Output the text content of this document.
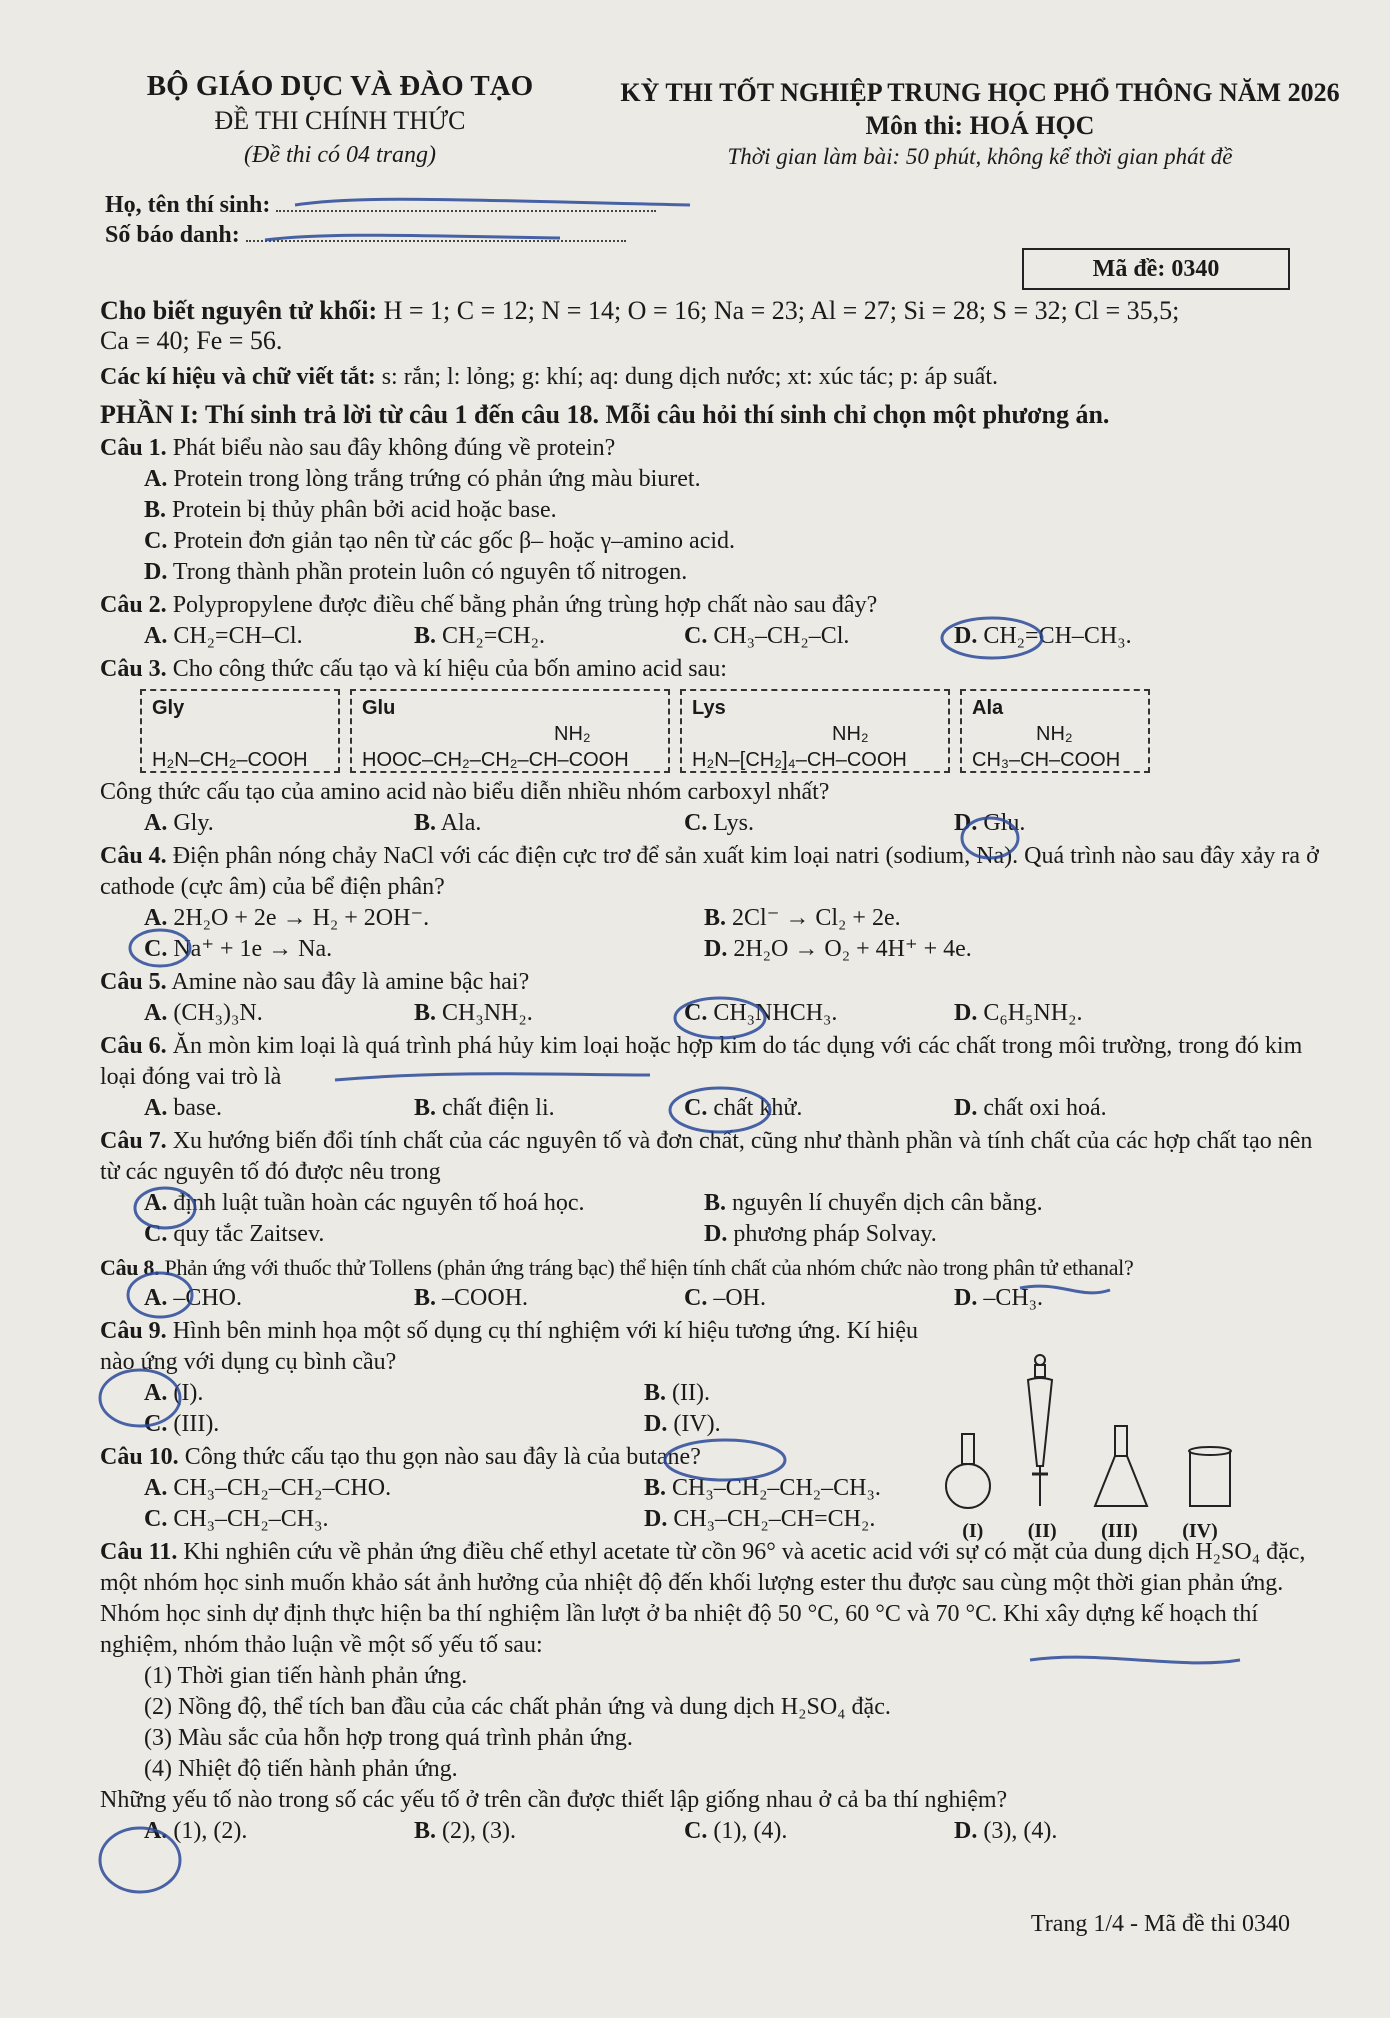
BỘ GIÁO DỤC VÀ ĐÀO TẠO
ĐỀ THI CHÍNH THỨC
(Đề thi có 04 trang)
KỲ THI TỐT NGHIỆP TRUNG HỌC PHỔ THÔNG NĂM 2026
Môn thi: HOÁ HỌC
Thời gian làm bài: 50 phút, không kể thời gian phát đề
Họ, tên thí sinh:
Số báo danh:
Mã đề: 0340
Cho biết nguyên tử khối: H = 1; C = 12; N = 14; O = 16; Na = 23; Al = 27; Si = 28; S = 32; Cl = 35,5;
Ca = 40; Fe = 56.
Các kí hiệu và chữ viết tắt: s: rắn; l: lỏng; g: khí; aq: dung dịch nước; xt: xúc tác; p: áp suất.
PHẦN I: Thí sinh trả lời từ câu 1 đến câu 18. Mỗi câu hỏi thí sinh chỉ chọn một phương án.
Câu 1. Phát biểu nào sau đây không đúng về protein?
A. Protein trong lòng trắng trứng có phản ứng màu biuret.
B. Protein bị thủy phân bởi acid hoặc base.
C. Protein đơn giản tạo nên từ các gốc β– hoặc γ–amino acid.
D. Trong thành phần protein luôn có nguyên tố nitrogen.
Câu 2. Polypropylene được điều chế bằng phản ứng trùng hợp chất nào sau đây?
A. CH₂=CH–Cl.	B. CH₂=CH₂.	C. CH₃–CH₂–Cl.	D. CH₂=CH–CH₃.
Câu 3. Cho công thức cấu tạo và kí hiệu của bốn amino acid sau:
Gly

H₂N–CH₂–COOH
Glu
NH₂
HOOC–CH₂–CH₂–CH–COOH
Lys
NH₂
H₂N–[CH₂]₄–CH–COOH
Ala
NH₂
CH₃–CH–COOH
Công thức cấu tạo của amino acid nào biểu diễn nhiều nhóm carboxyl nhất?
A. Gly.	B. Ala.	C. Lys.	D. Glu.
Câu 4. Điện phân nóng chảy NaCl với các điện cực trơ để sản xuất kim loại natri (sodium, Na). Quá trình nào sau đây xảy ra ở cathode (cực âm) của bể điện phân?
A. 2H₂O + 2e → H₂ + 2OH⁻.	B. 2Cl⁻ → Cl₂ + 2e.
C. Na⁺ + 1e → Na.	D. 2H₂O → O₂ + 4H⁺ + 4e.
Câu 5. Amine nào sau đây là amine bậc hai?
A. (CH₃)₃N.	B. CH₃NH₂.	C. CH₃NHCH₃.	D. C₆H₅NH₂.
Câu 6. Ăn mòn kim loại là quá trình phá hủy kim loại hoặc hợp kim do tác dụng với các chất trong môi trường, trong đó kim loại đóng vai trò là
A. base.	B. chất điện li.	C. chất khử.	D. chất oxi hoá.
Câu 7. Xu hướng biến đổi tính chất của các nguyên tố và đơn chất, cũng như thành phần và tính chất của các hợp chất tạo nên từ các nguyên tố đó được nêu trong
A. định luật tuần hoàn các nguyên tố hoá học.	B. nguyên lí chuyển dịch cân bằng.
C. quy tắc Zaitsev.	D. phương pháp Solvay.
Câu 8. Phản ứng với thuốc thử Tollens (phản ứng tráng bạc) thể hiện tính chất của nhóm chức nào trong phân tử ethanal?
A. –CHO.	B. –COOH.	C. –OH.	D. –CH₃.
(I) (II) (III) (IV)
Câu 9. Hình bên minh họa một số dụng cụ thí nghiệm với kí hiệu tương ứng. Kí hiệu nào ứng với dụng cụ bình cầu?
A. (I).	B. (II).
C. (III).	D. (IV).
Câu 10. Công thức cấu tạo thu gọn nào sau đây là của butane?
A. CH₃–CH₂–CH₂–CHO.	B. CH₃–CH₂–CH₂–CH₃.
C. CH₃–CH₂–CH₃.	D. CH₃–CH₂–CH=CH₂.
Câu 11. Khi nghiên cứu về phản ứng điều chế ethyl acetate từ cồn 96° và acetic acid với sự có mặt của dung dịch H₂SO₄ đặc, một nhóm học sinh muốn khảo sát ảnh hưởng của nhiệt độ đến khối lượng ester thu được sau cùng một thời gian phản ứng. Nhóm học sinh dự định thực hiện ba thí nghiệm lần lượt ở ba nhiệt độ 50 °C, 60 °C và 70 °C. Khi xây dựng kế hoạch thí nghiệm, nhóm thảo luận về một số yếu tố sau:
(1) Thời gian tiến hành phản ứng.
(2) Nồng độ, thể tích ban đầu của các chất phản ứng và dung dịch H₂SO₄ đặc.
(3) Màu sắc của hỗn hợp trong quá trình phản ứng.
(4) Nhiệt độ tiến hành phản ứng.
Những yếu tố nào trong số các yếu tố ở trên cần được thiết lập giống nhau ở cả ba thí nghiệm?
A. (1), (2).	B. (2), (3).	C. (1), (4).	D. (3), (4).
Trang 1/4 - Mã đề thi 0340
